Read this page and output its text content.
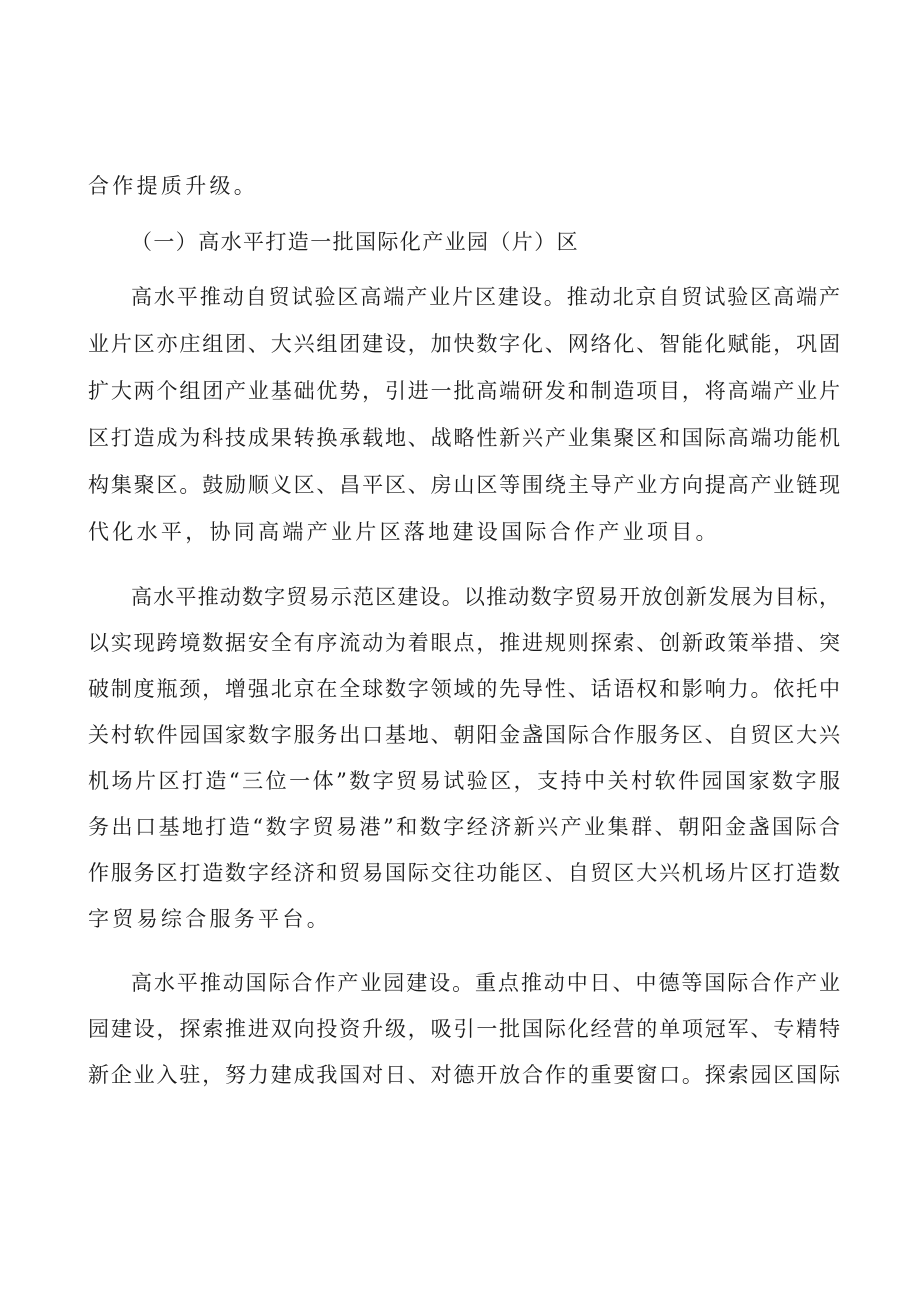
合作提质升级。
（一）高水平打造一批国际化产业园（片）区
高水平推动自贸试验区高端产业片区建设。推动北京自贸试验区高端产
业片区亦庄组团、大兴组团建设，加快数字化、网络化、智能化赋能，巩固
扩大两个组团产业基础优势，引进一批高端研发和制造项目，将高端产业片
区打造成为科技成果转换承载地、战略性新兴产业集聚区和国际高端功能机
构集聚区。鼓励顺义区、昌平区、房山区等围绕主导产业方向提高产业链现
代化水平，协同高端产业片区落地建设国际合作产业项目。
高水平推动数字贸易示范区建设。以推动数字贸易开放创新发展为目标，
以实现跨境数据安全有序流动为着眼点，推进规则探索、创新政策举措、突
破制度瓶颈，增强北京在全球数字领域的先导性、话语权和影响力。依托中
关村软件园国家数字服务出口基地、朝阳金盏国际合作服务区、自贸区大兴
机场片区打造“三位一体”数字贸易试验区，支持中关村软件园国家数字服
务出口基地打造“数字贸易港”和数字经济新兴产业集群、朝阳金盏国际合
作服务区打造数字经济和贸易国际交往功能区、自贸区大兴机场片区打造数
字贸易综合服务平台。
高水平推动国际合作产业园建设。重点推动中日、中德等国际合作产业
园建设，探索推进双向投资升级，吸引一批国际化经营的单项冠军、专精特
新企业入驻，努力建成我国对日、对德开放合作的重要窗口。探索园区国际
